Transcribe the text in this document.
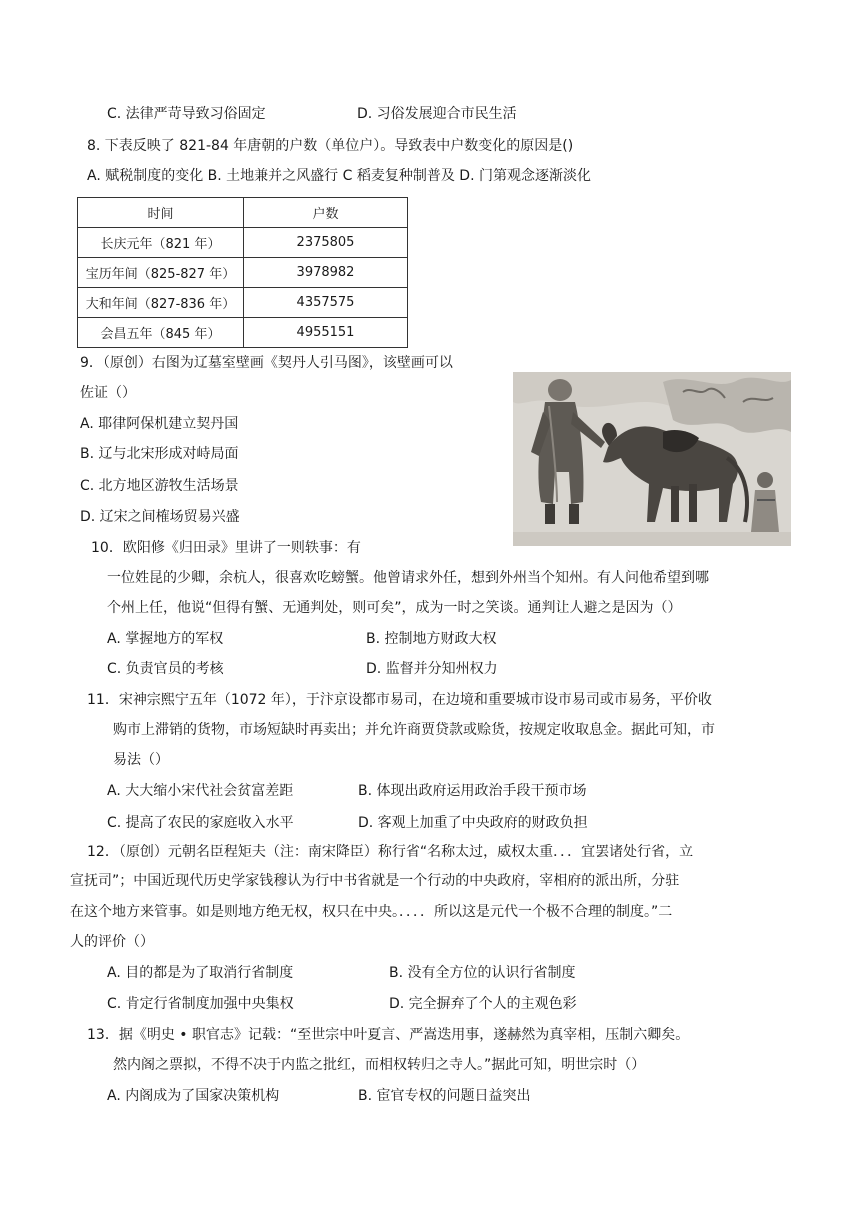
C. 法律严苛导致习俗固定	D. 习俗发展迎合市民生活
8. 下表反映了 821-84 年唐朝的户数（单位户）。导致表中户数变化的原因是()
A. 赋税制度的变化 B. 土地兼并之风盛行 C 稻麦复种制普及 D. 门第观念逐渐淡化
时间	户数
长庆元年（821 年）	2375805
宝历年间（825-827 年）	3978982
大和年间（827-836 年）	4357575
会昌五年（845 年）	4955151
9．（原创）右图为辽墓室壁画《契丹人引马图》，该壁画可以
佐证（）
A. 耶律阿保机建立契丹国
B. 辽与北宋形成对峙局面
C. 北方地区游牧生活场景
D. 辽宋之间榷场贸易兴盛
10．欧阳修《归田录》里讲了一则轶事：有
一位姓昆的少卿，余杭人，很喜欢吃螃蟹。他曾请求外任，想到外州当个知州。有人问他希望到哪
个州上任，他说“但得有蟹、无通判处，则可矣”，成为一时之笑谈。通判让人避之是因为（）
A. 掌握地方的军权	B. 控制地方财政大权
C. 负责官员的考核	D. 监督并分知州权力
11．宋神宗熙宁五年（1072 年），于汴京设都市易司，在边境和重要城市设市易司或市易务，平价收
购市上滞销的货物，市场短缺时再卖出；并允许商贾贷款或赊货，按规定收取息金。据此可知，市
易法（）
A. 大大缩小宋代社会贫富差距	B. 体现出政府运用政治手段干预市场
C. 提高了农民的家庭收入水平	D. 客观上加重了中央政府的财政负担
12．（原创）元朝名臣程矩夫（注：南宋降臣）称行省“名称太过，威权太重．．．宜罢诸处行省，立
宣抚司”；中国近现代历史学家钱穆认为行中书省就是一个行动的中央政府，宰相府的派出所，分驻
在这个地方来管事。如是则地方绝无权，权只在中央。．．．．所以这是元代一个极不合理的制度。”二
人的评价（）
A. 目的都是为了取消行省制度	B. 没有全方位的认识行省制度
C. 肯定行省制度加强中央集权	D. 完全摒弃了个人的主观色彩
13．据《明史 • 职官志》记载：“至世宗中叶夏言、严嵩迭用事，遂赫然为真宰相，压制六卿矣。
然内阁之票拟，不得不决于内监之批红，而相权转归之寺人。”据此可知，明世宗时（）
A. 内阁成为了国家决策机构	B. 宦官专权的问题日益突出
